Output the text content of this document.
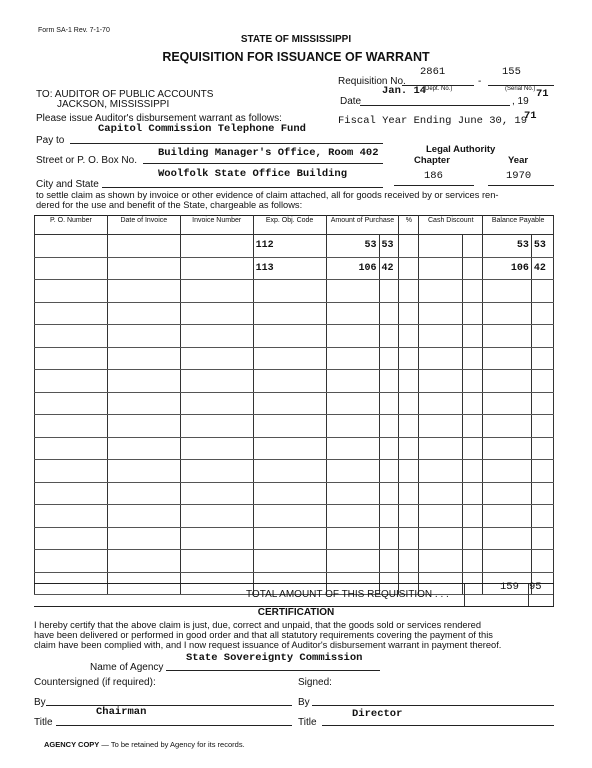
Form SA-1 Rev. 7-1-70
STATE OF MISSISSIPPI
REQUISITION FOR ISSUANCE OF WARRANT
Requisition No.
2861
-
155
TO: AUDITOR OF PUBLIC ACCOUNTS
JACKSON, MISSISSIPPI
Please issue Auditor's disbursement warrant as follows:
Date
Jan. 14
(Dept. No.)	(Serial No.)
, 19
71
Fiscal Year Ending June 30, 19
71
Pay to
Capitol Commission Telephone Fund
Legal Authority
Chapter	Year
Street or P. O. Box No.
Building Manager's Office, Room 402
City and State
Woolfolk State Office Building	186	1970
to settle claim as shown by invoice or other evidence of claim attached, all for goods received by or services ren-
dered for the use and benefit of the State, chargeable as follows:
P. O. Number	Date of Invoice	Invoice Number	Exp. Obj. Code	Amount of Purchase		%	Cash Discount		Balance Payable	
			112	53	53				53	53
			113	106	42				106	42

TOTAL AMOUNT OF THIS REQUISITION . . .
159 95
CERTIFICATION
I hereby certify that the above claim is just, due, correct and unpaid, that the goods sold or services rendered
have been delivered or performed in good order and that all statutory requirements covering the payment of this
claim have been complied with, and I now request issuance of Auditor's disbursement warrant in payment thereof.
Name of Agency
State Sovereignty Commission
Countersigned (if required):	Signed:
By	By
Chairman	Director
Title	Title
AGENCY COPY — To be retained by Agency for its records.
